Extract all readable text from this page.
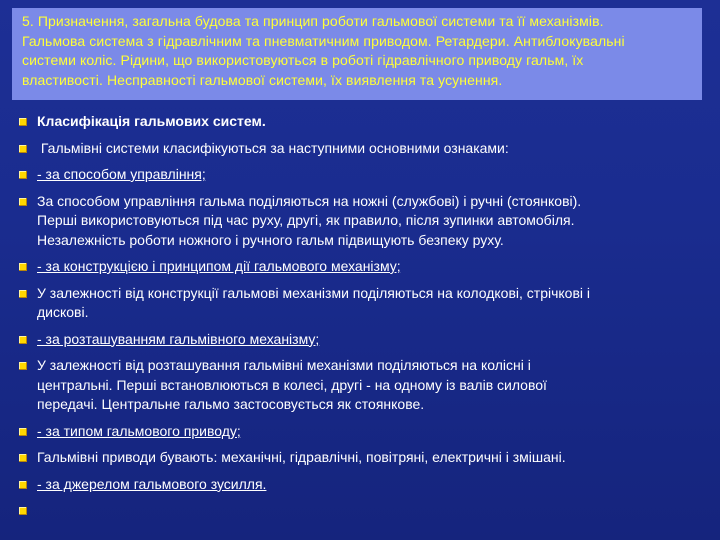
5. Призначення, загальна будова та принцип роботи гальмової системи та її механізмів.
Гальмова система з гідравлічним та пневматичним приводом. Ретардери. Антиблокувальні
системи коліс. Рідини, що використовуються в роботі гідравлічного приводу гальм, їх
властивості. Несправності гальмової системи, їх виявлення та усунення.
Класифікація гальмових систем.
Гальмівні системи класифікуються за наступними основними ознаками:
- за способом управління;
За способом управління гальма поділяються на ножні (службові) і ручні (стоянкові).
Перші використовуються під час руху, другі, як правило, після зупинки автомобіля.
Незалежність роботи ножного і ручного гальм підвищують безпеку руху.
- за конструкцією і принципом дії гальмового механізму;
У залежності від конструкції гальмові механізми поділяються на колодкові, стрічкові і
дискові.
- за розташуванням гальмівного механізму;
У залежності від розташування гальмівні механізми поділяються на колісні і
центральні. Перші встановлюються в колесі, другі - на одному із валів силової
передачі. Центральне гальмо застосовується як стоянкове.
- за типом гальмового приводу;
Гальмівні приводи бувають: механічні, гідравлічні, повітряні, електричні і змішані.
- за джерелом гальмового зусилля.
